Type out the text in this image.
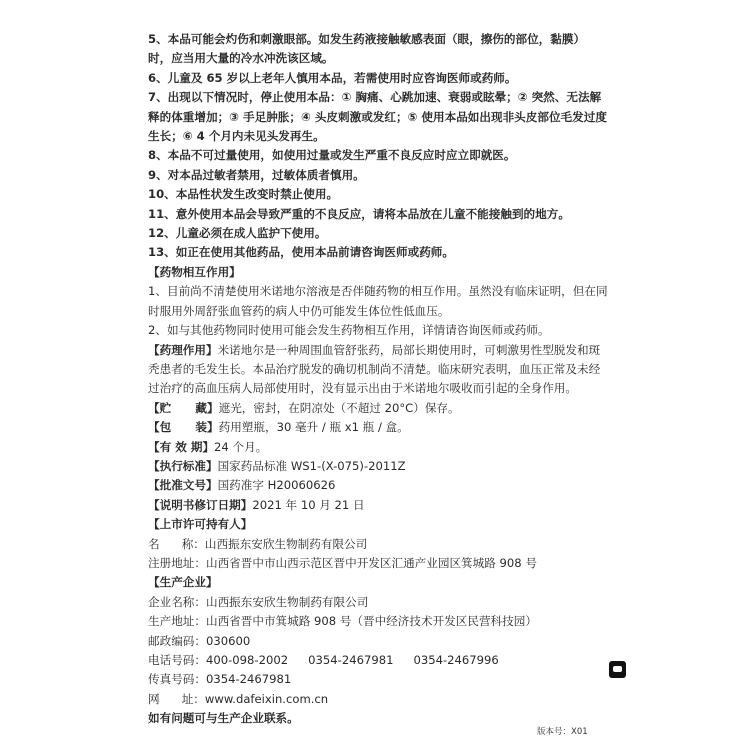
5、本品可能会灼伤和刺激眼部。如发生药液接触敏感表面（眼，擦伤的部位，黏膜）时，应当用大量的冷水冲洗该区域。

6、儿童及 65 岁以上老年人慎用本品，若需使用时应咨询医师或药师。

7、出现以下情况时，停止使用本品：① 胸痛、心跳加速、衰弱或眩晕；② 突然、无法解释的体重增加；③ 手足肿胀；④ 头皮刺激或发红；⑤ 使用本品如出现非头皮部位毛发过度生长；⑥ 4 个月内未见头发再生。

8、本品不可过量使用，如使用过量或发生严重不良反应时应立即就医。

9、对本品过敏者禁用，过敏体质者慎用。

10、本品性状发生改变时禁止使用。

11、意外使用本品会导致严重的不良反应，请将本品放在儿童不能接触到的地方。

12、儿童必须在成人监护下使用。

13、如正在使用其他药品，使用本品前请咨询医师或药师。

【药物相互作用】

1、目前尚不清楚使用米诺地尔溶液是否伴随药物的相互作用。虽然没有临床证明，但在同时服用外周舒张血管药的病人中仍可能发生体位性低血压。

2、如与其他药物同时使用可能会发生药物相互作用，详情请咨询医师或药师。

【药理作用】米诺地尔是一种周围血管舒张药，局部长期使用时，可刺激男性型脱发和斑秃患者的毛发生长。本品治疗脱发的确切机制尚不清楚。临床研究表明，血压正常及未经过治疗的高血压病人局部使用时，没有显示出由于米诺地尔吸收而引起的全身作用。

【贮      藏】遮光，密封，在阴凉处（不超过 20°C）保存。

【包      装】药用塑瓶，30 毫升 / 瓶 x1 瓶 / 盒。

【有 效 期】24 个月。

【执行标准】国家药品标准 WS1-(X-075)-2011Z

【批准文号】国药准字 H20060626

【说明书修订日期】2021 年 10 月 21 日

【上市许可持有人】

名      称：山西振东安欣生物制药有限公司

注册地址：山西省晋中市山西示范区晋中开发区汇通产业园区箕城路 908 号

【生产企业】

企业名称：山西振东安欣生物制药有限公司

生产地址：山西省晋中市箕城路 908 号（晋中经济技术开发区民营科技园）

邮政编码：030600

电话号码：400-098-2002 0354-2467981 0354-2467996

传真号码：0354-2467981

网      址：www.dafeixin.com.cn

如有问题可与生产企业联系。

版本号：X01
